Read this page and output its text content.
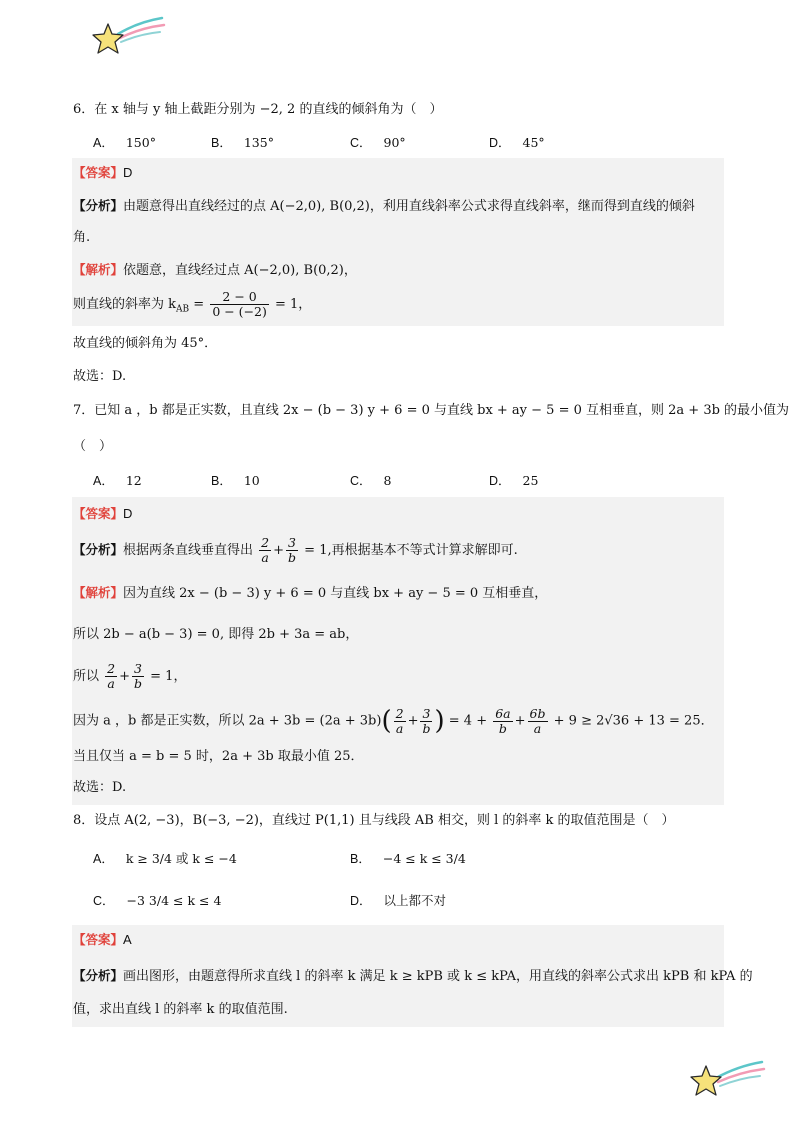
6．在 x 轴与 y 轴上截距分别为 −2, 2 的直线的倾斜角为（　）
A． 150°	B． 135°	C． 90°	D． 45°
【答案】D
【分析】由题意得出直线经过的点 A(−2,0), B(0,2)，利用直线斜率公式求得直线斜率，继而得到直线的倾斜
角.
【解析】依题意，直线经过点 A(−2,0), B(0,2)，
则直线的斜率为 $k_{AB} = \frac{2 - 0}{0 - (-2)} = 1$，
故直线的倾斜角为 45°．
故选：D.
7．已知 a ，b 都是正实数，且直线 2x − (b − 3) y + 6 = 0 与直线 bx + ay − 5 = 0 互相垂直，则 2a + 3b 的最小值为
（　）
A． 12	B． 10	C． 8	D． 25
【答案】D
【分析】根据两条直线垂直得出 $\frac{2}{a} + \frac{3}{b} = 1$,再根据基本不等式计算求解即可.
【解析】因为直线 2x − (b − 3) y + 6 = 0 与直线 bx + ay − 5 = 0 互相垂直，
所以 2b − a(b − 3) = 0, 即得 2b + 3a = ab，
所以 $\frac{2}{a} + \frac{3}{b} = 1$，
因为 a ，b 都是正实数，所以 $2a + 3b = (2a + 3b)( \frac{2}{a} + \frac{3}{b}$ ) = $4 + \frac{6a}{b} + \frac{6b}{a} + 9 \ge 2√36 + 13 = 25$．
当且仅当 a = b = 5 时，2a + 3b 取最小值 25．
故选：D.
8．设点 A(2, −3)，B(−3, −2)，直线过 P(1,1) 且与线段 AB 相交，则 l 的斜率 k 的取值范围是（　）
A． k ≥ 3/4 或 k ≤ −4	B． −4 ≤ k ≤ 3/4
C． −3 3/4 ≤ k ≤ 4	D． 以上都不对
【答案】A
【分析】画出图形，由题意得所求直线 l 的斜率 k 满足 k ≥ kPB 或 k ≤ kPA，用直线的斜率公式求出 kPB 和 kPA 的
值，求出直线 l 的斜率 k 的取值范围.
